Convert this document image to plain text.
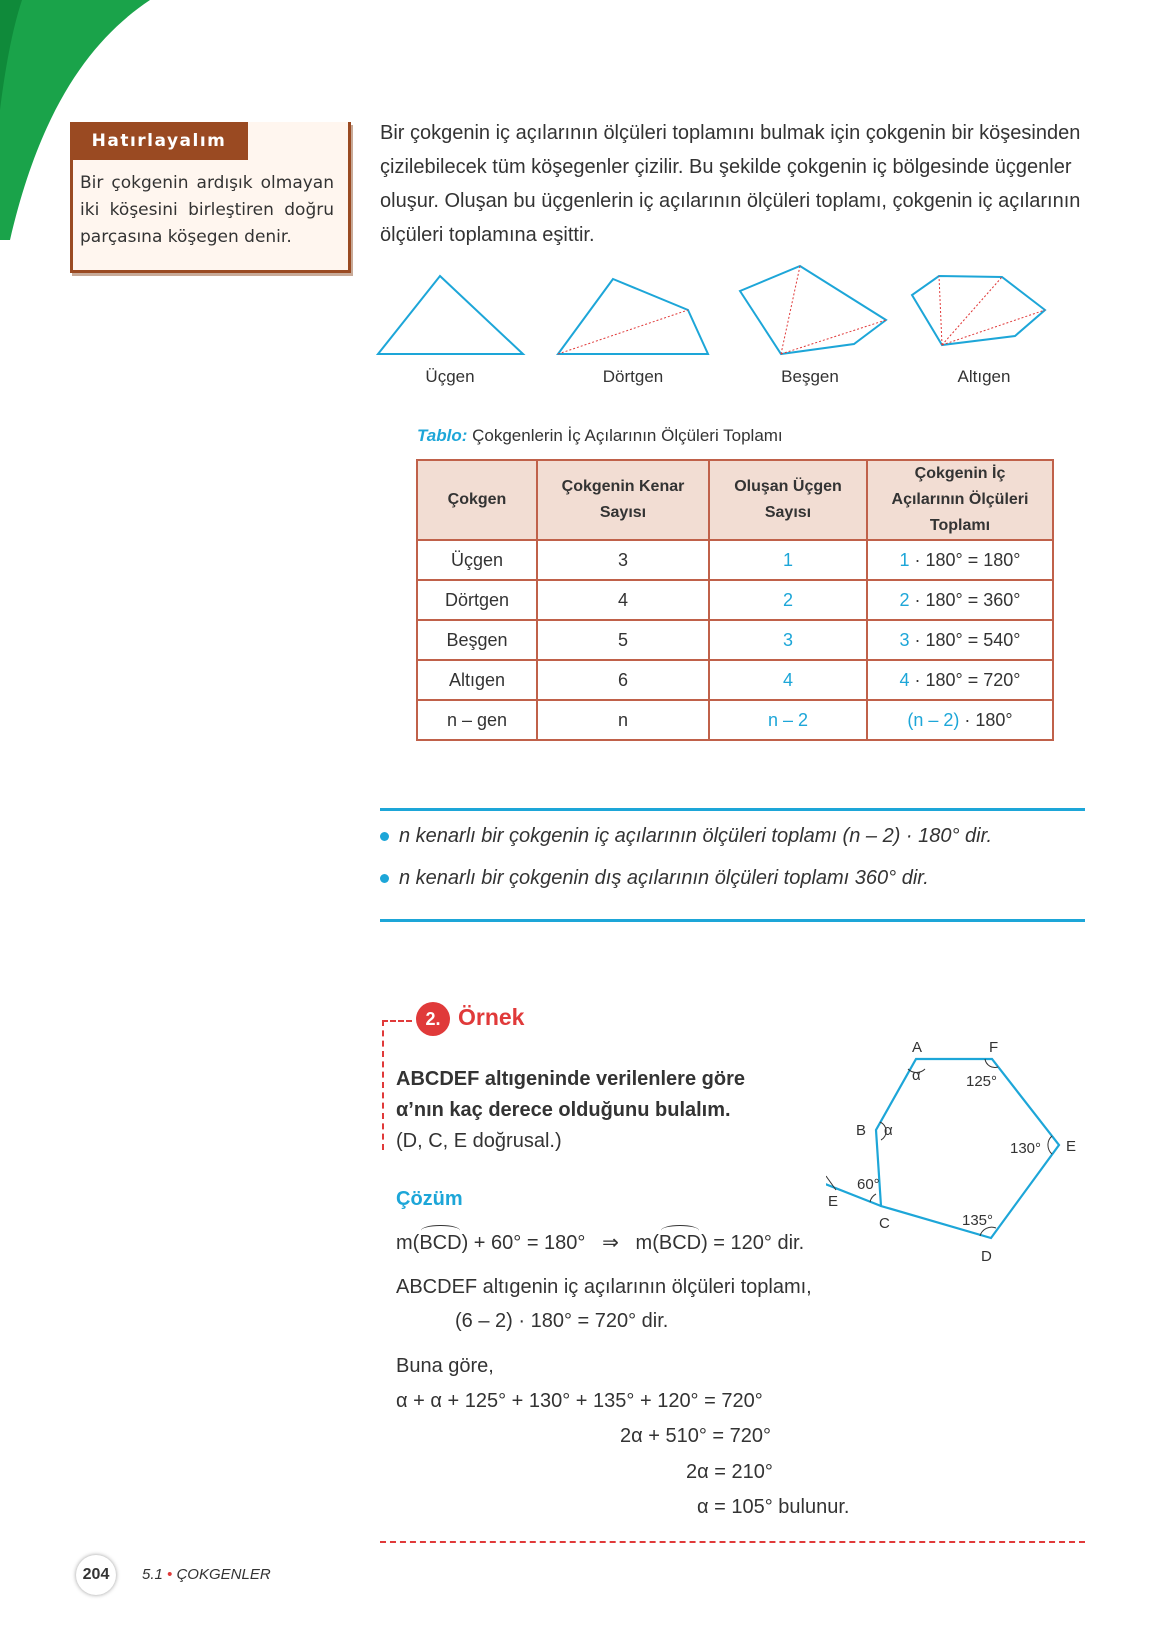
Hatırlayalım
Bir çokgenin ardışık olmayan iki köşesini birleştiren doğru parçasına köşegen denir.
Bir çokgenin iç açılarının ölçüleri toplamını bulmak için çokgenin bir köşesinden çizilebilecek tüm köşegenler çizilir. Bu şekilde çokgenin iç bölgesinde üçgenler oluşur. Oluşan bu üçgenlerin iç açılarının ölçüleri toplamı, çokgenin iç açılarının ölçüleri toplamına eşittir.
Üçgen	Dörtgen	Beşgen	Altıgen
Tablo: Çokgenlerin İç Açılarının Ölçüleri Toplamı
Çokgen	Çokgenin Kenar Sayısı	Oluşan Üçgen Sayısı	Çokgenin İç Açılarının Ölçüleri Toplamı
Üçgen	3	1	1 · 180° = 180°
Dörtgen	4	2	2 · 180° = 360°
Beşgen	5	3	3 · 180° = 540°
Altıgen	6	4	4 · 180° = 720°
n – gen	n	n – 2	(n – 2) · 180°
n kenarlı bir çokgenin iç açılarının ölçüleri toplamı (n – 2) · 180° dir.
n kenarlı bir çokgenin dış açılarının ölçüleri toplamı 360° dir.
2. Örnek
ABCDEF altıgeninde verilenlere göre
α’nın kaç derece olduğunu bulalım.
(D, C, E doğrusal.)
A	F
B
E
C
D
E
α
α
125°
130°
135°
60°
Çözüm
m(BCD) + 60° = 180° ⇒ m(BCD) = 120° dir.
ABCDEF altıgenin iç açılarının ölçüleri toplamı,
(6 – 2) · 180° = 720° dir.
Buna göre,
α + α + 125° + 130° + 135° + 120° = 720°
2α + 510° = 720°
2α = 210°
α = 105° bulunur.
204	5.1 • ÇOKGENLER
